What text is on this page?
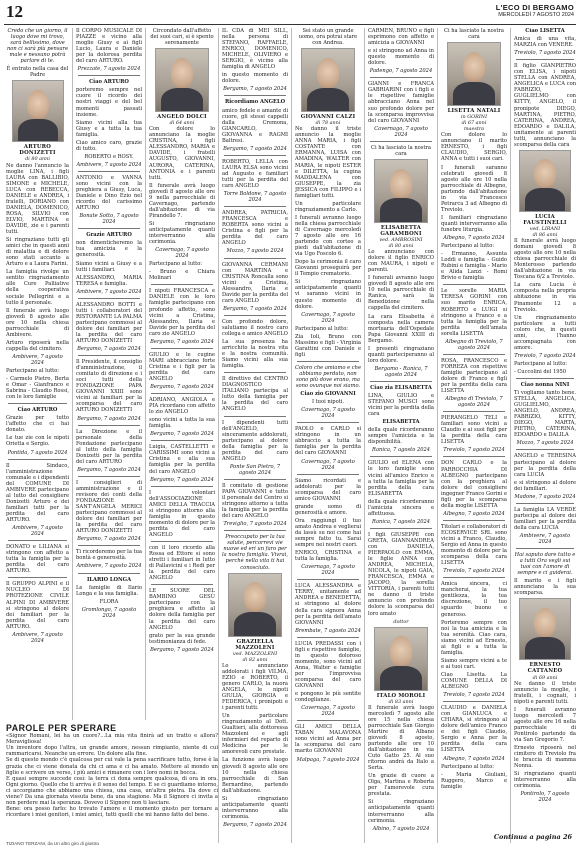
12	L'ECO DI BERGAMO
MERCOLEDÌ 7 AGOSTO 2024

Credo che un giorno, il luogo dove mi trovo, sarà bellissimo, dove non ci sarà più pensare male e nessuno potrà parlare di te.

È entrato nella casa del Padre

ARTURO DONIZETTI
di 80 anni

Ne danno l'annuncio la moglie LINA, i figli LAURA con BALLIBIO, SIMONE e MICHELE, LUCA con REBECCA, DANIELE e ANDREA, i fratelli, DORIANO con DANIELA, DOMENICO, ROSA, SILVIO con ELVIO, MARTINA e DAVIDE, zie e i parenti tutti.

Si ringraziano tutti gli amici che in questi anni di malattia e di dolore sono stati accanto a Arturo e a Laura Farini.

La famiglia rivolge un sentito ringraziamento alle Cure Palliative della cooperativa sociale Pellegrini e a tutto il personale.

Il funerale avrà luogo giovedì 8 agosto alle ore 10 nella chiesa parrocchiale di Ambivere.

Arturo riposerà nella cappella del cimitero.

Ambivere, 7 agosto 2024

Partecipano al lutto:

- Carmelo Pietro, Berta e Omar - Gianfranco e Sabrina - Claudio Rossi, con le loro famiglie

Ciao ARTURO

Grazie per tutto l'affetto che ci hai donato.

Le tue zie con le nipoti Orietta e Sergio.

Pontida, 7 agosto 2024

Il Sindaco, l'amministrazione comunale e i dipendenti del COMUNE DI AMBIVERE partecipano al lutto del consigliere Donizetti Arturo e dei familiari tutti per la perdita del caro ARTURO.

Ambivere, 7 agosto 2024

DONATO e LILIANA si stringono con affetto a tutta la famiglia per la perdita del caro ARTURO.

Il GRUPPO ALPINI e il NUCLEO DI PROTEZIONE CIVILE ALPINI DI AMBIVERE si stringono al dolore dei familiari per la perdita del caro ARTURO.

Ambivere, 7 agosto 2024

Il CORPO MUSICALE DI PIAZZE e vicino alla moglie Giusy e ai figli Lucio, Laura e Daniele per la dolorosa perdita del caro ARTURO.

Prezzate, 7 agosto 2024

Ciao ARTURO

porteremo sempre nel cuore il ricordo dei nostri viaggi e del bel momenti passati insieme.

Siamo vicini alla tua Giusy e a tutta la tua famiglia.

Ciao amico caro, grazie di tutto.

ROBERTO e ROSY.

Ambivere, 7 agosto 2024

ANTONIO e VANNA sono vicini con la preghiera a Giusy, Luca, Daniele e Dino Ezio nel ricordo del carissimo ARTURO

Bonate Sotto, 7 agosto 2024

Grazie ARTURO

non dimenticheremo la tua amicizia e la generosità.

Siamo vicini a Giusy e a tutti i familiari.

ALESSANDRO, MARIA TERESA e famiglia.

Ambivere, 7 agosto 2024

ALESSANDRO BOTTI e tutti i collaboratori del RISTORANTE LA PALMA partecipano commossi al dolore dei familiari per la perdita del caro ARTURO DONIZETTI

Bergamo, 7 agosto 2024

Il Presidente, il consiglio d'amministrazione, il comitato di direzione e i soci tutti della FONDAZIONE PAPA GIOVANNI XXIII sono vicini ai familiari per la scomparsa del caro ARTURO DONIZETTI

Bergamo, 7 agosto 2024

La Direzione e il personale della Fondazione partecipano al lutto della famiglia Donizetti per la perdita del caro ARTURO

Bergamo, 7 agosto 2024

I consiglieri di amministrazione e il revisore dei conti della FONDAZIONE SANT'ANGELA MERICI partecipano commossi al dolore dei familiari per la perdita del caro ARTURO DONIZETTI

Bergamo, 7 agosto 2024

Ti ricorderemo per la tua bontà e generosità.

Ambivere, 7 agosto 2024

ILARIO LONGA

Le famiglie di Ilario Longa e la sua famiglia.

FLORA

Gromlongo, 7 agosto 2024

Circondato dall'affetto dei suoi cari, si è spento serenamente

ANGELO DOLCI
di 64 anni

Con dolore lo annunciano la moglie CRISTINA, i figli ALESSANDRO, MARIA e DAVIDE, i fratelli AUGUSTO, GIOVANNI, AURORA, CATERINA, ANTONIA e i parenti tutti.

Il funerale avrà luogo giovedì 8 agosto alle ore 9 nella parrocchiale di Cavernago, partendo dall'abitazione di via Pirandello 7.

Si ringraziano anticipatamente quanti interverranno alla cerimonia.

Cavernago, 7 agosto 2024

Partecipano al lutto:

- Bruno e Chiara Molinari

I nipoti FRANCESCA e DANIELE con le loro famiglie partecipano con profondo affetto, sono vicini a Cristina, Alessandro, Ilaria e Davide per la perdita del caro zio ANGELO

Bergamo, 7 agosto 2024

GIULIO e le cugine MARI abbracciano forte Cristina e i figli per la perdita del caro ANGELO

Bergamo, 7 agosto 2024

ADRIANO, ANGIOLA e PIA ricordano con affetto lo zio ANGELO

sono vicini a tutta la sua famiglia.

Bergamo, 7 agosto 2024

Luigia, CASTELLETTI e CARISSIMI sono vicini a Cristina e alla sua famiglia per la perdita del caro ANGELO

Bergamo, 7 agosto 2024

I volontari dell'ASSOCIAZIONE AMICI DELLA TRACCIA si stringono attorno alla famiglia in questo momento di dolore per la perdita del caro ANGELO

con il loro ricordo alla Rossa ed Ettore si sono stretti i familiari in lutto di Pallavicini e i Redi per la perdita del caro ANGELO

LE SUORE DEL BAMBINO GESÙ partecipano con la preghiera e affetto al dolore della famiglia per la perdita del caro ANGELO

grato per la sua grande testimonianza di fede.

Bergamo, 7 agosto 2024

IL CDA di MEI SILL, nella persona di STEFANO, RAFFAELE, ENRICO, DOMENICO, MICHELE, OLIVIERO e SERGIO, è vicino alla famiglia di ANGELO

in questo momento di dolore.

Bergamo, 7 agosto 2024

Ricordiamo ANGELO

amico fedele e amante di cuore, gli stessi cappelli dalla Cremona, GIANCARLO, GIOVANNA e RAGMI Baltresi.

Bergamo, 7 agosto 2024

ROBERTO, LELLA con LAURA ELSA sono vicini ad Augusto e familiari tutti per la perdita del caro ANGELO

Torre Boldone, 7 agosto 2024

ANDREA, PATRICIA, FRANCESCA e ROBERTA sono vicini a Cristina e figli per la perdita del caro ANGELO

Mozzo, 7 agosto 2024

GIOVANNA CERMANI con MARTINA e CRISTINA Roncalla sono vicini a Cristina, Alessandro, Ilaria e Davide per la perdita del caro ANGELO

Bergamo, 7 agosto 2024

Con profondo dolore, salutiamo il nostro caro collega e amico ANGELO

La sua presenza ha arricchito la nostra vita e la nostra comunità. Siamo vicini alla sua famiglia.

Il direttivo del CENTRO DIAGNOSTICO ITALIANO partecipa al lutto della famiglia per la perdita del caro ANGELO

I dipendenti tutti dell'ANGELO, sinceramente addolorati, partecipano al dolore della famiglia per la perdita del caro ANGELO

Ponte San Pietro, 7 agosto 2024

Il comitato di gestione PAPA GIOVANNI e tutto il personale del Centro si stringono attorno a tutta la famiglia per la perdita del caro ANGELO

Treviglio, 7 agosto 2024

Preoccupato per la tua salute, percorrevi vie nuove ed eri un faro per la nostra famiglia. Vivrai, perché nella vita ti hai conosciuto.

GRAZIELLA MAZZOLENI
ved. MAZZOLENI
di 82 anni

Lo annunciano addolorati i figli VILMA, EZIO e ROBERTO, il genero CARLO, la nuora ANGELA, le nipoti GIULIA, GIORGIA e FEDERICA, i pronipoti e i parenti tutti.

Un particolare ringraziamento al Dott. Gualtieri, alla dottoressa Mazzoleni e agli infermieri del reparto di Medicina per le amorevoli cure prestate.

La funzione avrà luogo giovedì 8 agosto alle ore 10 nella chiesa parrocchiale di San Bernardino, partendo dall'abitazione.

Si ringraziano anticipatamente quanti interverranno alla cerimonia.

Bergamo, 7 agosto 2024

Sei stato un grande uomo, ora potrai stare con Andrea.

GIOVANNI CALZI
di 78 anni

Ne danno il triste annuncio la moglie ANNA MARIA, i figli COSTANTE con ERMANNA, LUISA con AMADINA, WALTER con MARIA, le nipoti ESTER e DILETTA, la cugina MADDALENA con GIUSEPPE, la zia JESSICA con FILIPPO e i famigliari tutti.

Un particolare ringraziamento a Carlo.

I funerali avranno luogo nella chiesa parrocchiale di Cavernago mercoledì 7 agosto alle ore 16 partendo con corteo a piedi dall'abitazione di via Ugo Foscolo 6.

Dopo la cerimonia il caro Giovanni proseguirà per il Tempio crematorio.

Si ringraziano anticipatamente quanti vi saranno vicini in questo momento di dolore.

Cavernago, 7 agosto 2024

Partecipano al lutto:

Zia Ioli, Bruno con Massimo e figli - Virginia Garattini con Daniele e figli

Coloro che amiamo e che abbiamo perduto, non sono più dove erano, ma sono ovunque noi siamo.

Ciao zio GIOVANNI

I tuoi nipoti.

Cavernago, 7 agosto 2024

PAOLO e CARLO si stringono in un abbraccio a tutta la famiglia per la perdita del caro GIOVANNI

Cavernago, 7 agosto 2024

Siamo ricordati e addolorati per la scomparsa del caro amico GIOVANNI

grande uomo di generosità e amore.

Ora raggiungi il tuo amato Andrea e veglierai da lassù su noi come hai sempre fatto tu. Sarai sempre nei nostri cuori.

ENRICO, CRISTINA e tutta la famiglia.

Cavernago, 7 agosto 2024

LUCA ALESSANDRA e TERRY, unitamente ad ANDREA e BENEDETTA, si stringono al dolore della cara signora Anna per la perdita dell'amato GIOVANNI

Brembate, 7 agosto 2024

LUCIA PREDASSI con i figli e rispettive famiglie, in questo doloroso momento, sono vicini ad Anna, Walter e famiglie per l'improvvisa scomparsa del caro GIOVANNI

e pongono le più sentite condoglianze.

Cavernago, 7 agosto 2024

GLI AMICI DELLA TABAN MALAVONA sono vicini ad Anna per la scomparsa del caro marito GIOVANNI

Malpaga, 7 agosto 2024

CARMEN, BRUNO e figli esprimono con affetto e amicizia a GIOVANNI

e si stringono ad Anna in questo momento di dolore.

Padengo, 7 agosto 2024

GIANNI e FRANCA GABRIARINI con i figli e le rispettive famiglie abbracciano Anna nel suo profondo dolore per la scomparsa improvvisa del caro GIOVANNI

Cavernago, 7 agosto 2024

Ci ha lasciato la nostra cara

ELISABETTA GARAMBONI
ved. AMBROSINI
di 80 anni

Lo annunciano con dolore il figlio ENRICO con MAURA, i nipoti e parenti.

I funerali avranno luogo giovedì 8 agosto alle ore 10 nella parrocchiale di Ranica, sarà la Benedizione nella cappella del cimitero.

La cara Elisabetta è composta nella camera mortuaria dell'Ospedale Papa Giovanni XXIII di Bergamo.

I presenti ringraziano quanti parteciperanno al loro dolore.

Bergamo - Ranica, 7 agosto 2024

Ciao zia ELISABETTA

LINA, GIULIO e STEFANO MUSCI sono vicini per la perdita della cara

ELISABETTA

della quale ricorderanno sempre l'amicizia e la disponibilità.

Ranica, 7 agosto 2024

GIULIO ed ELENA con le loro famiglie sono vicini all'amico Enrico e a tutta la famiglia per la perdita della cara ELISABETTA

della quale ricorderanno l'amicizia sincera e affettuosa.

Ranica, 7 agosto 2024

I figli GIUSEPPE con GRETA, GIANNANDREA con DANIELA, PIERPAOLO con EMMA, le figlie ANNA con ANDREA, MICHELA, NICOLA, le nipoti GAIA, FRANCESCA, EMMA e JACOPO, la sorella VITTORIA, i parenti tutti ne danno il triste annuncio con profondo dolore la scomparsa del loro amato

dottor
ITALO MOROLI
di 83 anni

Il funerale avrà luogo mercoledì 7 agosto alle ore 15 nella chiesa parrocchiale San Giorgio Martire di Albano giovedì 8 agosto, partendo alle ore 10 dall'abitazione in via Cuto Gatto 25. Al suo ritorno andrà da Italo a Serta.

Un grazie di cuore a Olga, Martina e Roberta per l'amorevole cura prestata.

Si ringraziano anticipatamente quanti interverranno alla cerimonia.

Albino, 7 agosto 2024

Ci ha lasciato la nostra cara

LISETTA NATALI
in GORINI
di 67 anni
maestra

Con dolore lo annunciano il marito ERNESTO, i figli CLAUDIO, SERGIO, ANNA e tutti i suoi cari.

I funerali saranno celebrati giovedì 8 agosto alle ore 10 nella parrocchiale di Albegno, partendo dall'abitazione in via Francesco Petrarca 3 ad Albegno di Treviolo.

I familiari ringraziano quanti interverranno alla funebre liturgia.

Albegno, 7 agosto 2024

Partecipano al lutto:

- Ermanno, Assunta Loddi e famiglia - Guido Rubini e famiglia - Mario e Alida Lanzi - Romi Brivio e famiglia

Le sorelle MARIA TERESA GORINI con suo marito ENRICA, ROBERTO e LUIGI si stringono a Franco e a tutta la famiglia per la perdita dell'amata sorella LISETTA

Albegno di Treviolo, 7 agosto 2024

ROSA, FRANCESCO e FORREZA con rispettive famiglie partecipano al dolore di Franco e figli per la perdita della cara LISETTA

Albegno di Treviolo, 7 agosto 2024

PIERANGELO TELI e familiari sono vicini a Claudio e ai suoi figli per la perdita della cara LISETTA

Treviolo, 7 agosto 2024

DON CARLO e la PARROCCHIA DI ALBEGNO partecipano con la preghiera al dolore del consigliere ingegner Franco Gorini e figli per la scomparsa della moglie LISETTA

Albegno, 7 agosto 2024

Titolari e collaboratori di ECOSERVICE SRL sono vicini a Franco, Claudio, Sergio ed Anna in questo momento di dolore per la scomparsa della cara LISETTA

Treviolo, 7 agosto 2024

Amica sincera, ci mancherai, la tua gentilezza, la tua discrezione, il tuo sguardo buono e generoso.

Porteremo sempre con noi la tua amicizia e la tua serenità. Ciao cara, siamo vicini ad Ernesto, ai figli e a tutta la famiglia.

Siamo sempre vicini a te e ai tuoi cari.

Ciao Lisetta. La COMUNE DELLA DI ALBEGNO

Treviolo, 7 agosto 2024

CLAUDIO e DANIELA con GIANLUCA e CHIARA, si stringono al dolore dell'amico Franco e dei figli Claudio, Sergio e Anna per la perdita della cara LISETTA

Albegno, 7 agosto 2024

Partecipano al lutto:

- Maria Giuliani, Ruggero, Marco e famiglie

Ciao LISETTA

Amica di una vita, MARZIA con VENERE.

Treviolo, 7 agosto 2024

Il figlio GIANPIETRO con ELISA, i nipoti STELLA con ANDREA, ANGELICA e LUCA con FABRIZIO, GUGLIELMO con KITTY, ANGELO, il pronipote DIEGO, MARTINA, PIETRO, CATERINA, ANDREA, EDOARDO e DALILA, unitamente ai parenti tutti, annunciano la scomparsa della cara

LUCIA FAUSTINELLI
ved. LIRANI
di 86 anni

Il funerale avrà luogo domani giovedì 8 agosto alle ore 10 nella chiesa parrocchiale di Monterosso partendo dall'abitazione in via Toscana 6/2 a Treviolo.

La cara Lucia è composta nella propria abitazione in via Pinamonte 12 a Treviolo.

Un ringraziamento particolare a tutti coloro che, in questi anni, l'hanno accompagnata con amore.

Treviolo, 7 agosto 2024

Partecipano al lutto:

- Cuccolini del 1950

Ciao nonna NINI

Ti vogliamo tanto bene. STELLA, ANGELICA, GUGLIELMO, ANGELO, ANDREA, FABRIZIO, KITTY, DIEGO, MARTA, PIETRO, CATERINA, EDOARDO e DALILA

Mozzo, 7 agosto 2024

ANGELO e TERESINA partecipano al dolore per la perdita della cara LUCIA

e si stringono al dolore dei familiari.

Madone, 7 agosto 2024

La famiglia LA VERDE partecipa al dolore dei familiari per la perdita della cara LUCIA

Ambivere, 7 agosto 2024

Hai saputo dare tutto e a tutti Ora vegli sui tuoi con l'amore di sempre e ci guiderai.

Il marito e i figli annunciano la sua scomparsa.

ERNESTO CATTANEO
di 69 anni

Ne danno il triste annuncio la moglie, i fratelli, i cognati, i nipoti e parenti tutti.

I funerali avranno luogo mercoledì 7 agosto alle ore 16 nella parrocchiale di Pontirolo partendo da via San Gregorio 7.

Ernesto riposerà nel cimitero di Treviolo fra le braccia di mamma Nonna.

Si ringraziano quanti interverranno alla cerimonia.

Pontirolo, 7 agosto 2024

Continua a pagina 26
PAROLE PER SPERARE

«Signor Romani, lei ha un cuore?...La mia vita finirà ad un tratto e allora? Meravigliosa!

Un inventore dopo l'altra, un grande amore, nessun rimpianto, niente di cui rammaricarsi. Neanche un errore. Un dolore alla fine.

Se di questo mondo c'è qualcosa per cui vale la pena sacrificare tutto, forse è la grazia che ci viene donata da chi ci ama e ci ha amato. Mettere al mondo un figlio e scrivere un verso, i più amici e rimanere con i loro nomi in bocca.

E quasi sempre succede così: la terra ci dona sempre qualcosa, di ora in ora. Ogni giorno. Quello che ti arriva è il senso del tempo. E se ci guardiamo intorno, ci accorgiamo che abbiamo una chiesa, una casa, un'altra pietra. Da dove ci viene? Da una giornata vissuta bene, da una stagione. Ma il Signore ci invita a non perdere mai la speranza. Dovevo il Signore non ti lasciare.

Bene: ora posso farlo: ho trovato l'amore e il momento giusto per tornare a ricordare i miei genitori, i miei amici, tutti quelli che mi hanno fatto del bene.

TIZIANO TERZANI, da Un altro giro di giostra
